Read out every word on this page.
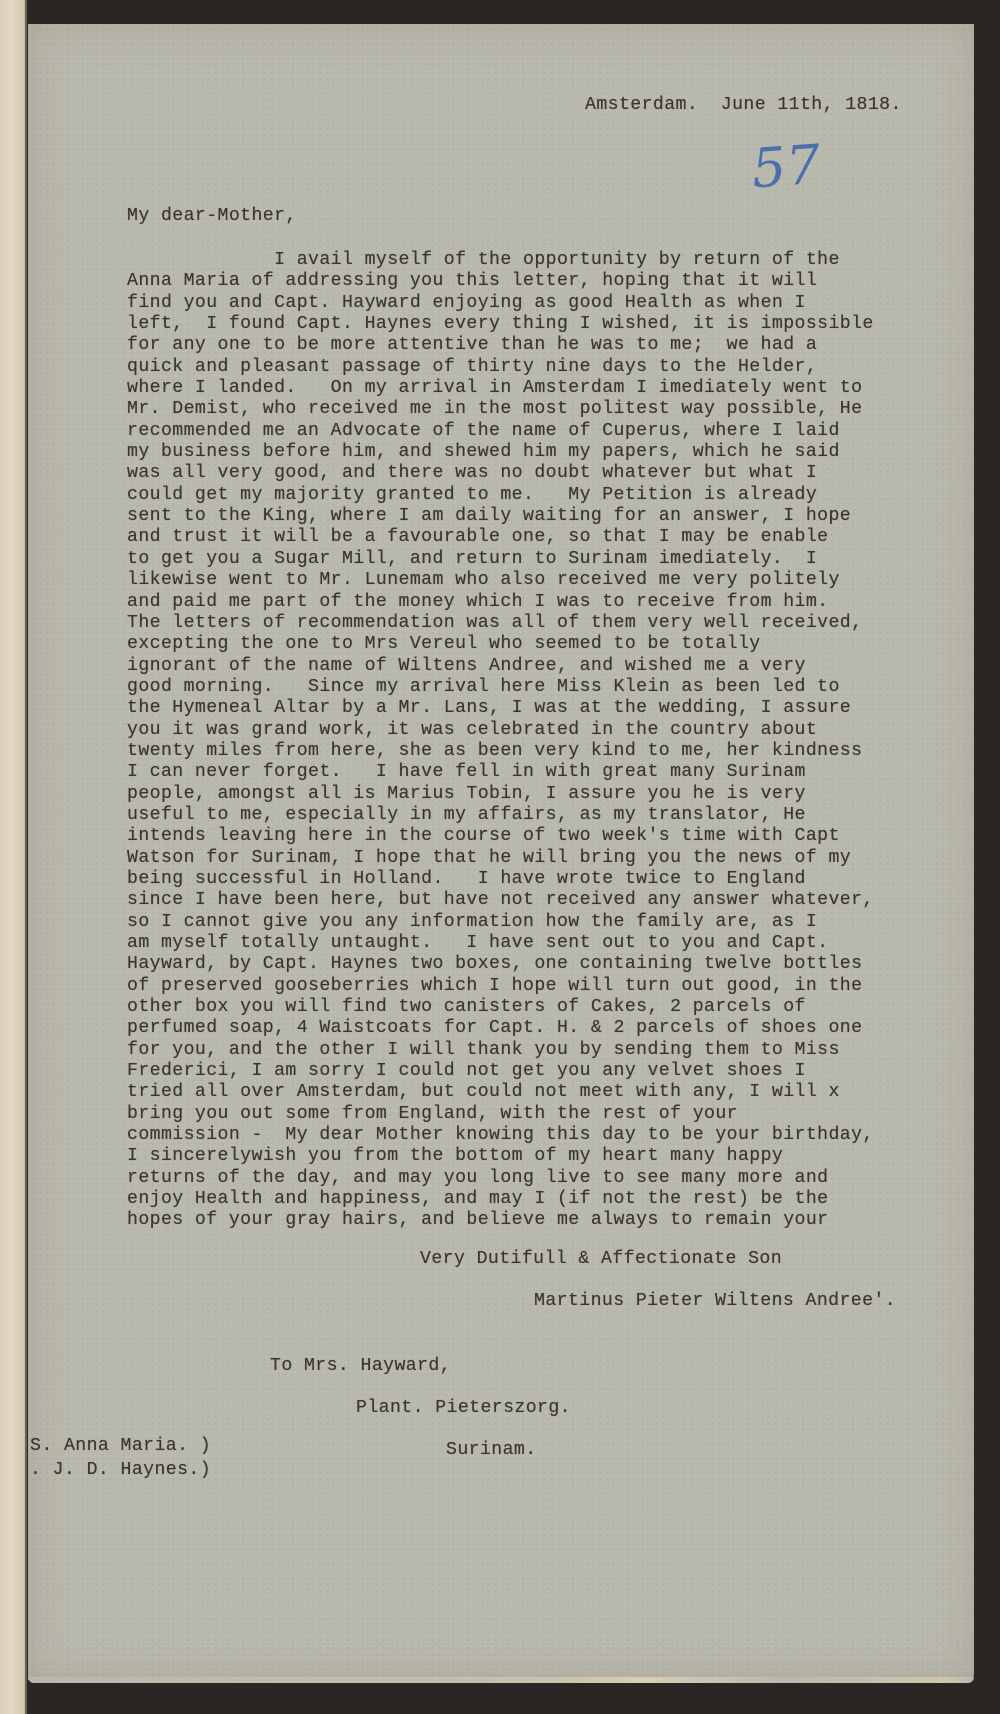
Amsterdam.  June 11th, 1818.
57
My dear-Mother,
I avail myself of the opportunity by return of the
Anna Maria of addressing you this letter, hoping that it will
find you and Capt. Hayward enjoying as good Health as when I
left,  I found Capt. Haynes every thing I wished, it is impossible
for any one to be more attentive than he was to me;  we had a
quick and pleasant passage of thirty nine days to the Helder,
where I landed.   On my arrival in Amsterdam I imediately went to
Mr. Demist, who received me in the most politest way possible, He
recommended me an Advocate of the name of Cuperus, where I laid
my business before him, and shewed him my papers, which he said
was all very good, and there was no doubt whatever but what I
could get my majority granted to me.   My Petition is already
sent to the King, where I am daily waiting for an answer, I hope
and trust it will be a favourable one, so that I may be enable
to get you a Sugar Mill, and return to Surinam imediately.  I
likewise went to Mr. Lunemam who also received me very politely
and paid me part of the money which I was to receive from him.
The letters of recommendation was all of them very well received,
excepting the one to Mrs Vereul who seemed to be totally
ignorant of the name of Wiltens Andree, and wished me a very
good morning.   Since my arrival here Miss Klein as been led to
the Hymeneal Altar by a Mr. Lans, I was at the wedding, I assure
you it was grand work, it was celebrated in the country about
twenty miles from here, she as been very kind to me, her kindness
I can never forget.   I have fell in with great many Surinam
people, amongst all is Marius Tobin, I assure you he is very
useful to me, especially in my affairs, as my translator, He
intends leaving here in the course of two week's time with Capt
Watson for Surinam, I hope that he will bring you the news of my
being successful in Holland.   I have wrote twice to England
since I have been here, but have not received any answer whatever,
so I cannot give you any information how the family are, as I
am myself totally untaught.   I have sent out to you and Capt.
Hayward, by Capt. Haynes two boxes, one containing twelve bottles
of preserved gooseberries which I hope will turn out good, in the
other box you will find two canisters of Cakes, 2 parcels of
perfumed soap, 4 Waistcoats for Capt. H. & 2 parcels of shoes one
for you, and the other I will thank you by sending them to Miss
Frederici, I am sorry I could not get you any velvet shoes I
tried all over Amsterdam, but could not meet with any, I will x
bring you out some from England, with the rest of your
commission -  My dear Mother knowing this day to be your birthday,
I sincerelywish you from the bottom of my heart many happy
returns of the day, and may you long live to see many more and
enjoy Health and happiness, and may I (if not the rest) be the
hopes of your gray hairs, and believe me always to remain your
Very Dutifull & Affectionate Son
Martinus Pieter Wiltens Andree'.
To Mrs. Hayward,
Plant. Pieterszorg.
Surinam.
S. Anna Maria. )
. J. D. Haynes.)
